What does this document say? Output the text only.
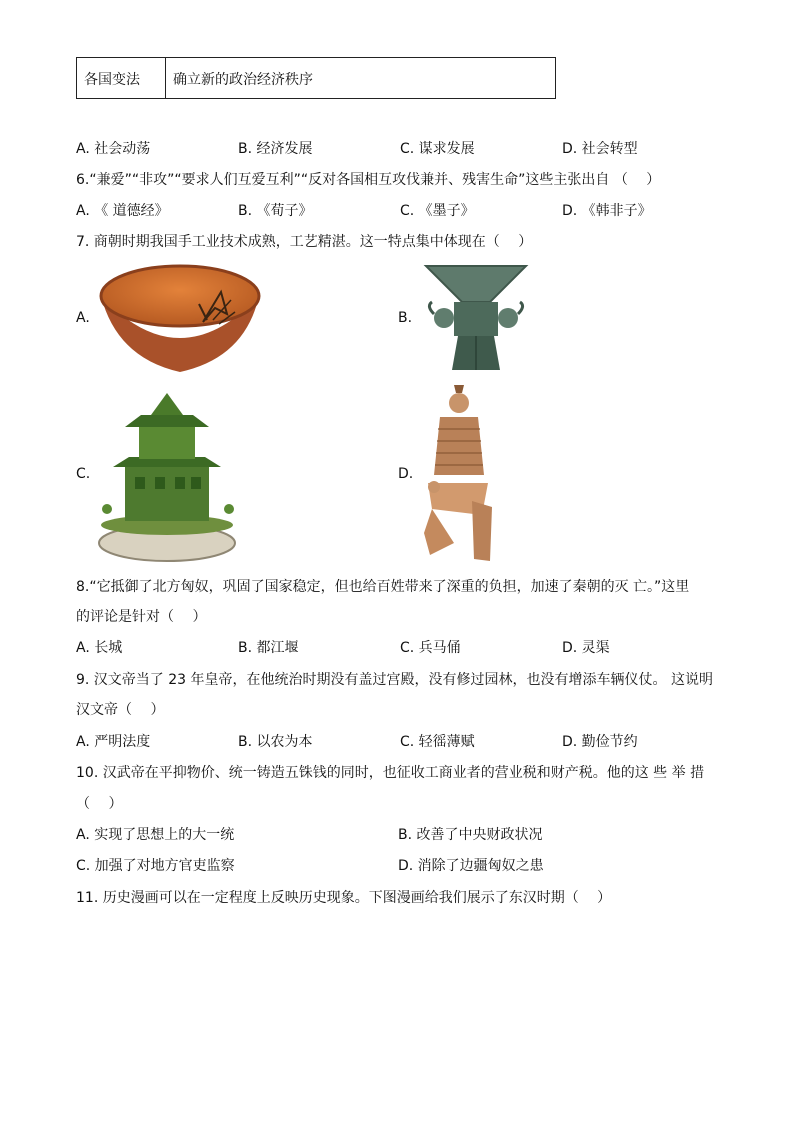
各国变法	确立新的政治经济秩序
A. 社会动荡	B. 经济发展	C. 谋求发展	D. 社会转型
6.“兼爱”“非攻”“要求人们互爱互利”“反对各国相互攻伐兼并、残害生命”这些主张出自 （　 ）
A. 《 道德经》	B. 《荀子》	C. 《墨子》	D. 《韩非子》
7. 商朝时期我国手工业技术成熟，工艺精湛。这一特点集中体现在（　 ）
A.	B.
C.	D.
8.“它抵御了北方匈奴，巩固了国家稳定，但也给百姓带来了深重的负担，加速了秦朝的灭 亡。”这里
的评论是针对（　 ）
A. 长城	B. 都江堰	C. 兵马俑	D. 灵渠
9. 汉文帝当了 23 年皇帝，在他统治时期没有盖过宫殿，没有修过园林，也没有增添车辆仪仗。 这说明
汉文帝（　 ）
A. 严明法度	B. 以农为本	C. 轻徭薄赋	D. 勤俭节约
10. 汉武帝在平抑物价、统一铸造五铢钱的同时，也征收工商业者的营业税和财产税。他的这 些 举 措
（　 ）
A. 实现了思想上的大一统	B. 改善了中央财政状况
C. 加强了对地方官吏监察	D. 消除了边疆匈奴之患
11. 历史漫画可以在一定程度上反映历史现象。下图漫画给我们展示了东汉时期（　 ）
